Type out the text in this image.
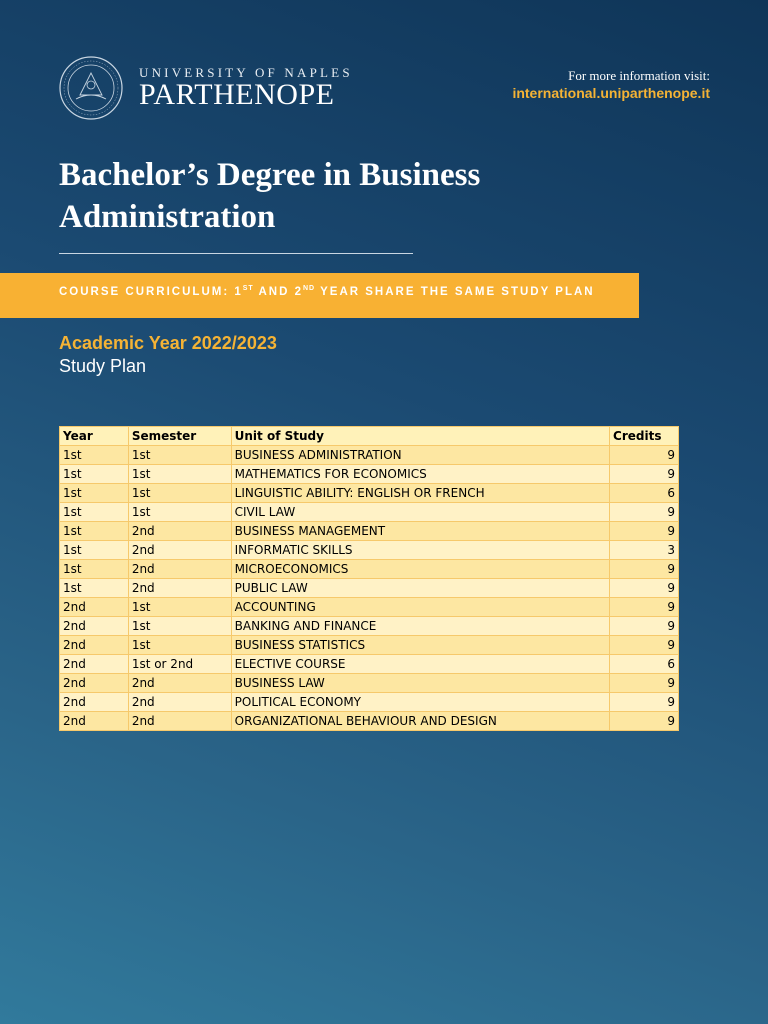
UNIVERSITY OF NAPLES
PARTHENOPE
For more information visit:
international.uniparthenope.it
Bachelor’s Degree in Business
Administration
COURSE CURRICULUM: 1ST AND 2ND YEAR SHARE THE SAME STUDY PLAN
Academic Year 2022/2023
Study Plan
Year	Semester	Unit of Study	Credits
1st	1st	BUSINESS ADMINISTRATION	9
1st	1st	MATHEMATICS FOR ECONOMICS	9
1st	1st	LINGUISTIC ABILITY: ENGLISH OR FRENCH	6
1st	1st	CIVIL LAW	9
1st	2nd	BUSINESS MANAGEMENT	9
1st	2nd	INFORMATIC SKILLS	3
1st	2nd	MICROECONOMICS	9
1st	2nd	PUBLIC LAW	9
2nd	1st	ACCOUNTING	9
2nd	1st	BANKING AND FINANCE	9
2nd	1st	BUSINESS STATISTICS	9
2nd	1st or 2nd	ELECTIVE COURSE	6
2nd	2nd	BUSINESS LAW	9
2nd	2nd	POLITICAL ECONOMY	9
2nd	2nd	ORGANIZATIONAL BEHAVIOUR AND DESIGN	9
